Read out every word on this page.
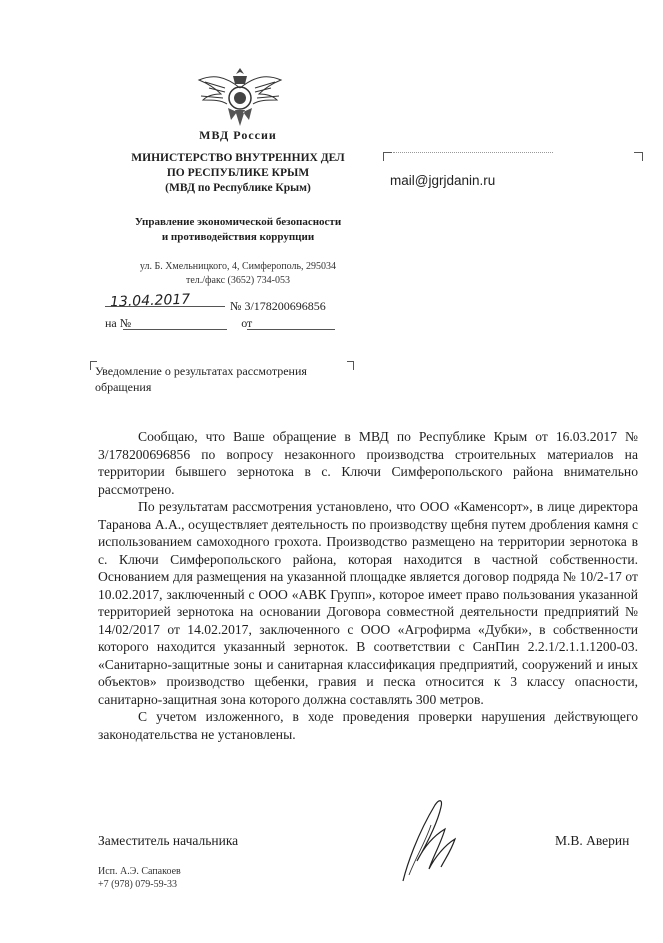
МВД России
МИНИСТЕРСТВО ВНУТРЕННИХ ДЕЛ
ПО РЕСПУБЛИКЕ КРЫМ
(МВД по Республике Крым)
Управление экономической безопасности
и противодействия коррупции
ул. Б. Хмельницкого, 4, Симферополь, 295034
тел./факс (3652) 734-053
13.04.2017	№ 3/178200696856
на №	от
mail@jgrjdanin.ru
Уведомление о результатах рассмотрения
обращения

Сообщаю, что Ваше обращение в МВД по Республике Крым от 16.03.2017 № 3/178200696856 по вопросу незаконного производства строительных материалов на территории бывшего зернотока в с. Ключи Симферопольского района внимательно рассмотрено.

По результатам рассмотрения установлено, что ООО «Каменсорт», в лице директора Таранова А.А., осуществляет деятельность по производству щебня путем дробления камня с использованием самоходного грохота. Производство размещено на территории зернотока в с. Ключи Симферопольского района, которая находится в частной собственности. Основанием для размещения на указанной площадке является договор подряда № 10/2-17 от 10.02.2017, заключенный с ООО «АВК Групп», которое имеет право пользования указанной территорией зернотока на основании Договора совместной деятельности предприятий № 14/02/2017 от 14.02.2017, заключенного с ООО «Агрофирма «Дубки», в собственности которого находится указанный зерноток. В соответствии с СанПин 2.2.1/2.1.1.1200-03. «Санитарно-защитные зоны и санитарная классификация предприятий, сооружений и иных объектов» производство щебенки, гравия и песка относится к 3 классу опасности, санитарно-защитная зона которого должна составлять 300 метров.

С учетом изложенного, в ходе проведения проверки нарушения действующего законодательства не установлены.

Заместитель начальника	М.В. Аверин
Исп. А.Э. Сапакоев
+7 (978) 079-59-33
